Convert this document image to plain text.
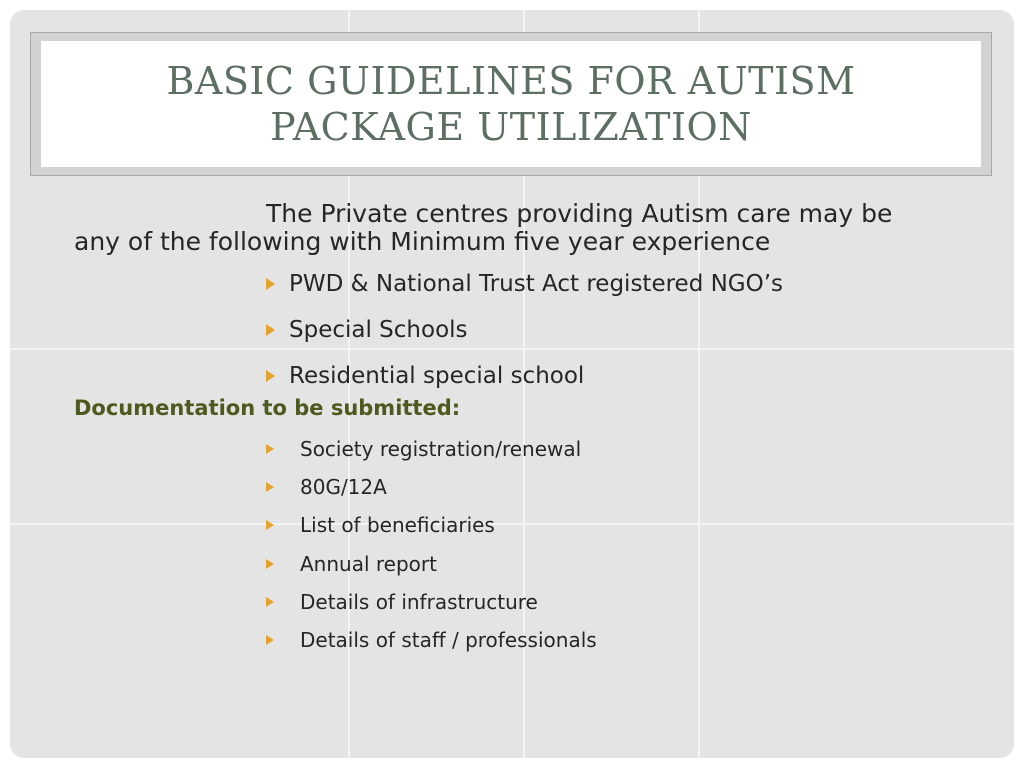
BASIC GUIDELINES FOR AUTISM
PACKAGE UTILIZATION
The Private centres providing Autism care may be
any of the following with Minimum five year experience
PWD & National Trust Act registered NGO’s
Special Schools
Residential special school
Documentation to be submitted:
Society registration/renewal
80G/12A
List of beneficiaries
Annual report
Details of infrastructure
Details of staff / professionals
